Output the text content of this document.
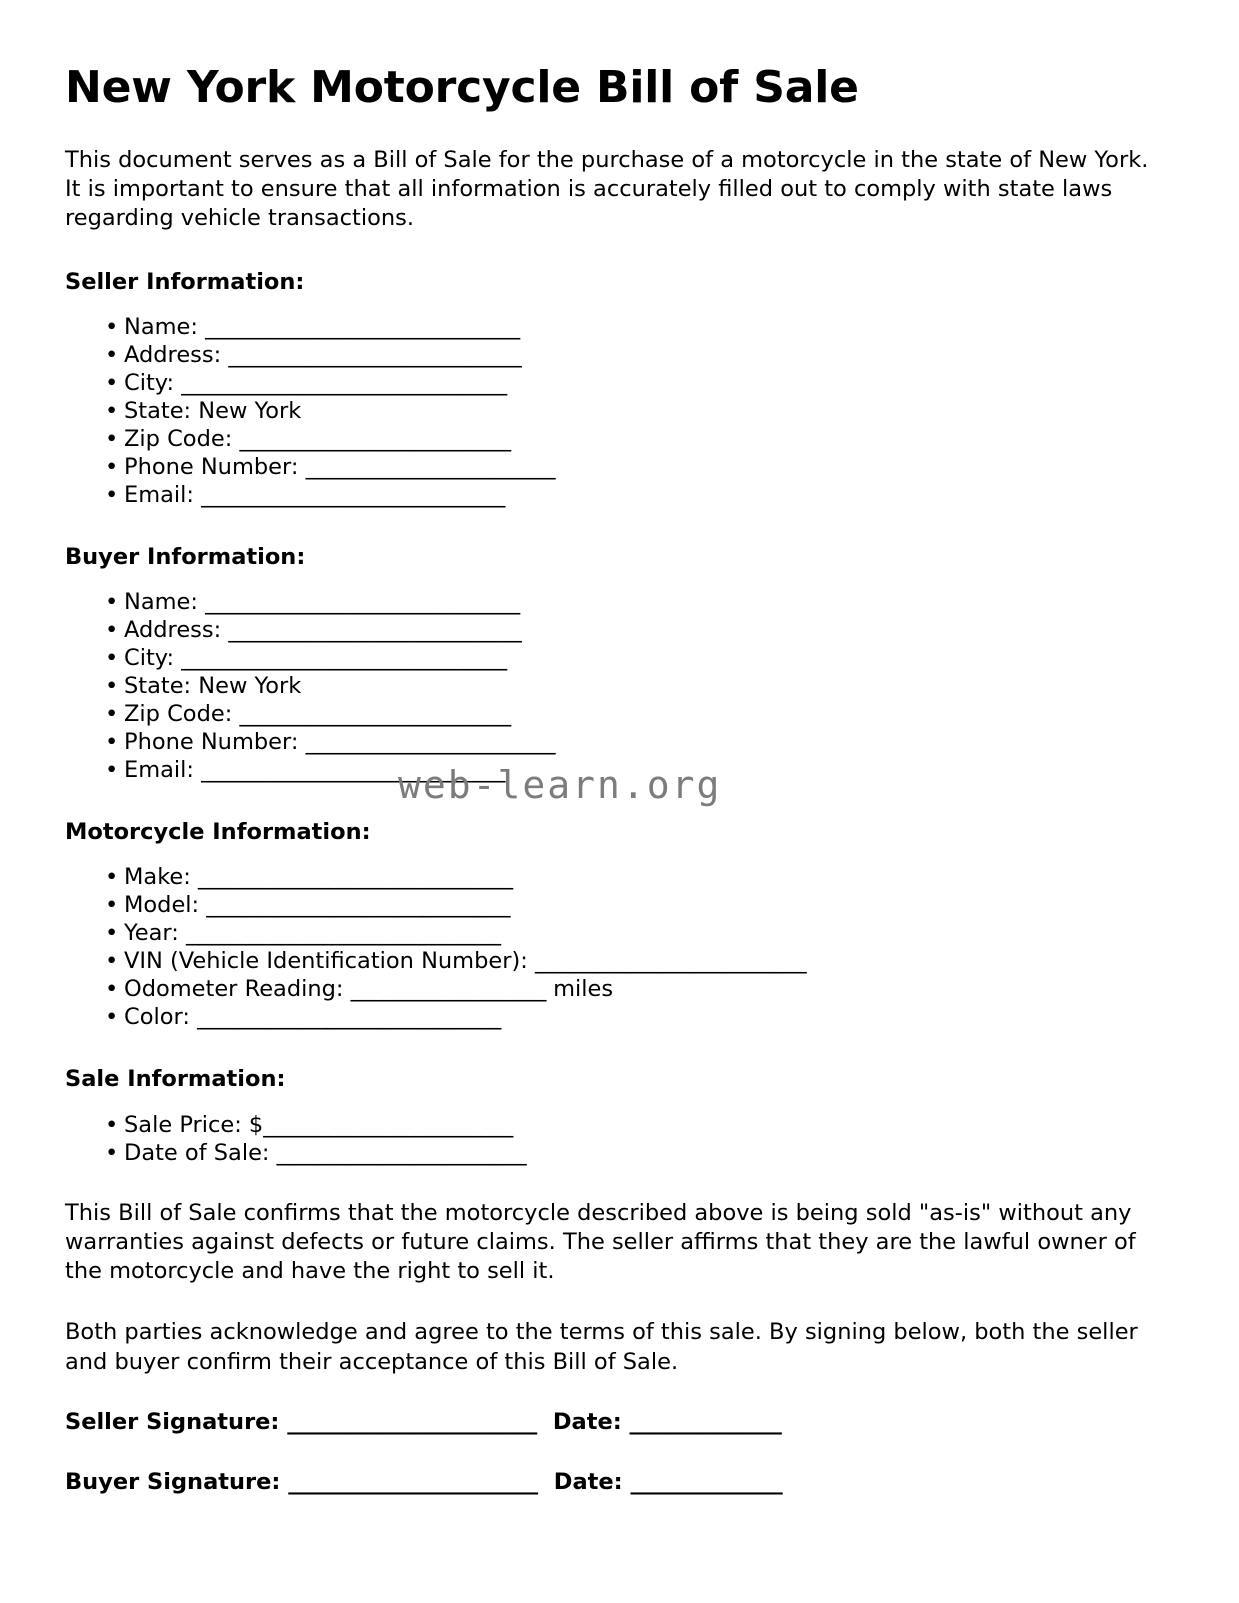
web-learn.org
New York Motorcycle Bill of Sale

This document serves as a Bill of Sale for the purchase of a motorcycle in the state of New York. It is important to ensure that all information is accurately filled out to comply with state laws regarding vehicle transactions.

Seller Information:
• Name: _____________________________
• Address: ___________________________
• City: ______________________________
• State: New York
• Zip Code: _________________________
• Phone Number: _______________________
• Email: ____________________________
Buyer Information:
• Name: _____________________________
• Address: ___________________________
• City: ______________________________
• State: New York
• Zip Code: _________________________
• Phone Number: _______________________
• Email: ____________________________
Motorcycle Information:
• Make: _____________________________
• Model: ____________________________
• Year: _____________________________
• VIN (Vehicle Identification Number): _________________________
• Odometer Reading: __________________ miles
• Color: ____________________________
Sale Information:
• Sale Price: $_______________________
• Date of Sale: _______________________

This Bill of Sale confirms that the motorcycle described above is being sold "as-is" without any warranties against defects or future claims. The seller affirms that they are the lawful owner of the motorcycle and have the right to sell it.

Both parties acknowledge and agree to the terms of this sale. By signing below, both the seller and buyer confirm their acceptance of this Bill of Sale.

Seller Signature: _______________________ Date: ______________
Buyer Signature: _______________________ Date: ______________
